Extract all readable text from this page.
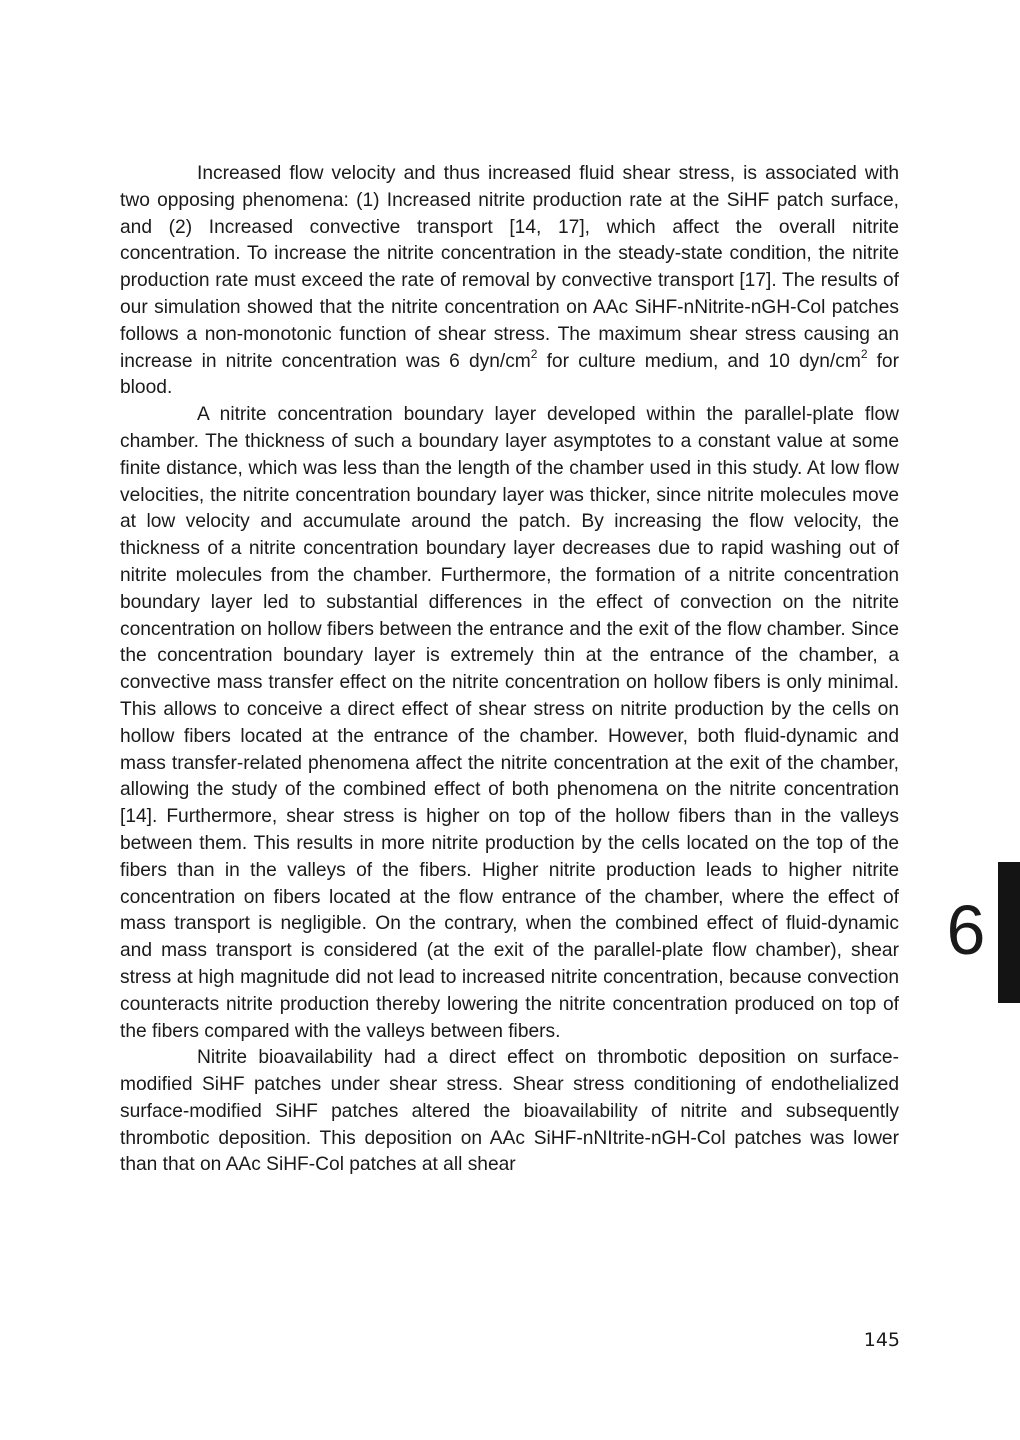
Increased flow velocity and thus increased fluid shear stress, is associated with two opposing phenomena: (1) Increased nitrite production rate at the SiHF patch surface, and (2) Increased convective transport [14, 17], which affect the overall nitrite concentration. To increase the nitrite concentration in the steady-state condition, the nitrite production rate must exceed the rate of removal by convective transport [17]. The results of our simulation showed that the nitrite concentration on AAc SiHF-nNitrite-nGH-Col patches follows a non-monotonic function of shear stress. The maximum shear stress causing an increase in nitrite concentration was 6 dyn/$cm^2$ for culture medium, and 10 dyn/$cm^2$ for blood.

A nitrite concentration boundary layer developed within the parallel-plate flow chamber. The thickness of such a boundary layer asymptotes to a constant value at some finite distance, which was less than the length of the chamber used in this study. At low flow velocities, the nitrite concentration boundary layer was thicker, since nitrite molecules move at low velocity and accumulate around the patch. By increasing the flow velocity, the thickness of a nitrite concentration boundary layer decreases due to rapid washing out of nitrite molecules from the chamber. Furthermore, the formation of a nitrite concentration boundary layer led to substantial differences in the effect of convection on the nitrite concentration on hollow fibers between the entrance and the exit of the flow chamber. Since the concentration boundary layer is extremely thin at the entrance of the chamber, a convective mass transfer effect on the nitrite concentration on hollow fibers is only minimal. This allows to conceive a direct effect of shear stress on nitrite production by the cells on hollow fibers located at the entrance of the chamber. However, both fluid-dynamic and mass transfer-related phenomena affect the nitrite concentration at the exit of the chamber, allowing the study of the combined effect of both phenomena on the nitrite concentration [14]. Furthermore, shear stress is higher on top of the hollow fibers than in the valleys between them. This results in more nitrite production by the cells located on the top of the fibers than in the valleys of the fibers. Higher nitrite production leads to higher nitrite concentration on fibers located at the flow entrance of the chamber, where the effect of mass transport is negligible. On the contrary, when the combined effect of fluid-dynamic and mass transport is considered (at the exit of the parallel-plate flow chamber), shear stress at high magnitude did not lead to increased nitrite concentration, because convection counteracts nitrite production thereby lowering the nitrite concentration produced on top of the fibers compared with the valleys between fibers.

Nitrite bioavailability had a direct effect on thrombotic deposition on surface-modified SiHF patches under shear stress. Shear stress conditioning of endothelialized surface-modified SiHF patches altered the bioavailability of nitrite and subsequently thrombotic deposition. This deposition on AAc SiHF-nNItrite-nGH-Col patches was lower than that on AAc SiHF-Col patches at all shear

6
145
